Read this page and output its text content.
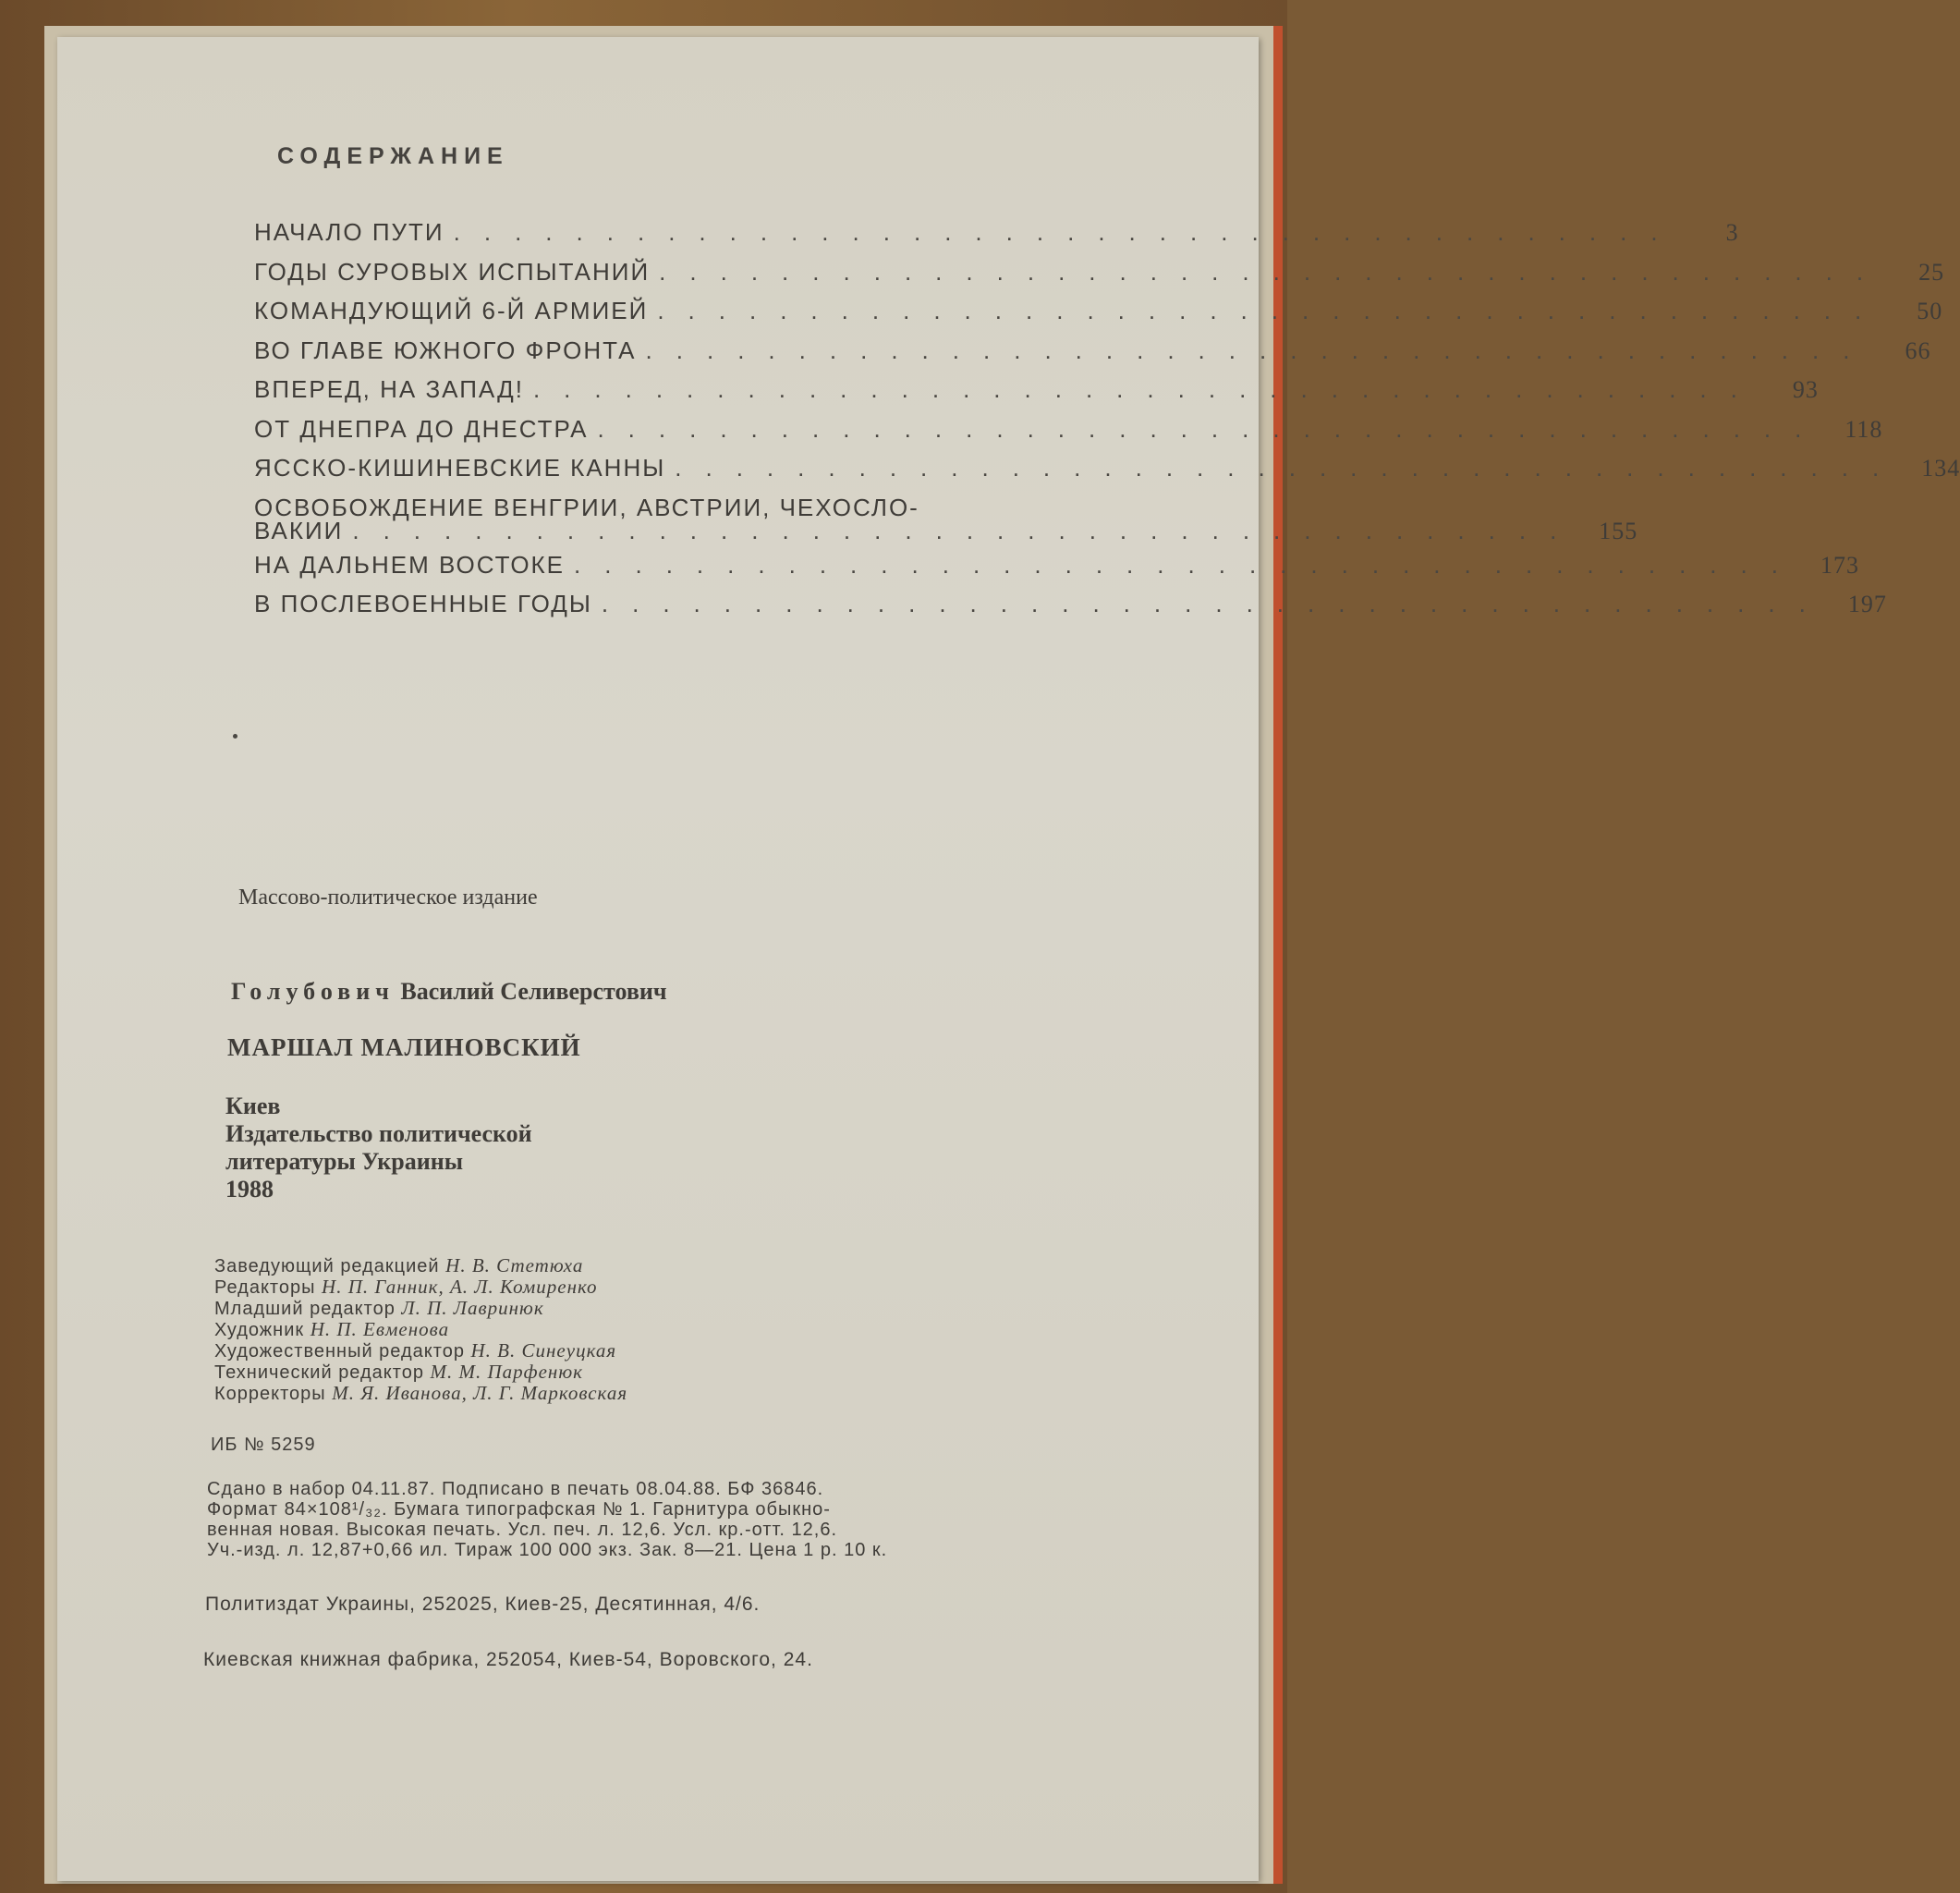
СОДЕРЖАНИЕ
НАЧАЛО ПУТИ ........................................	3
ГОДЫ СУРОВЫХ ИСПЫТАНИЙ ........................................	25
КОМАНДУЮЩИЙ 6-Й АРМИЕЙ ........................................	50
ВО ГЛАВЕ ЮЖНОГО ФРОНТА ........................................	66
ВПЕРЕД, НА ЗАПАД! ........................................	93
ОТ ДНЕПРА ДО ДНЕСТРА ........................................ 118
ЯССКО-КИШИНЕВСКИЕ КАННЫ ........................................ 134
ОСВОБОЖДЕНИЕ ВЕНГРИИ, АВСТРИИ, ЧЕХОСЛО-
ВАКИИ ........................................ 155
НА ДАЛЬНЕМ ВОСТОКЕ ........................................ 173
В ПОСЛЕВОЕННЫЕ ГОДЫ ........................................ 197
Массово-политическое издание
Голубович Василий Селиверстович
МАРШАЛ МАЛИНОВСКИЙ
Киев
Издательство политической
литературы Украины
1988
Заведующий редакцией Н. В. Стетюха
Редакторы Н. П. Ганник, А. Л. Комиренко
Младший редактор Л. П. Лавринюк
Художник Н. П. Евменова
Художественный редактор Н. В. Синеуцкая
Технический редактор М. М. Парфенюк
Корректоры М. Я. Иванова, Л. Г. Марковская
ИБ № 5259
Сдано в набор 04.11.87. Подписано в печать 08.04.88. БФ 36846.
Формат 84×108¹/₃₂. Бумага типографская № 1. Гарнитура обыкно-
венная новая. Высокая печать. Усл. печ. л. 12,6. Усл. кр.-отт. 12,6.
Уч.-изд. л. 12,87+0,66 ил. Тираж 100 000 экз. Зак. 8—21. Цена 1 р. 10 к.
Политиздат Украины, 252025, Киев-25, Десятинная, 4/6.
Киевская книжная фабрика, 252054, Киев-54, Воровского, 24.
